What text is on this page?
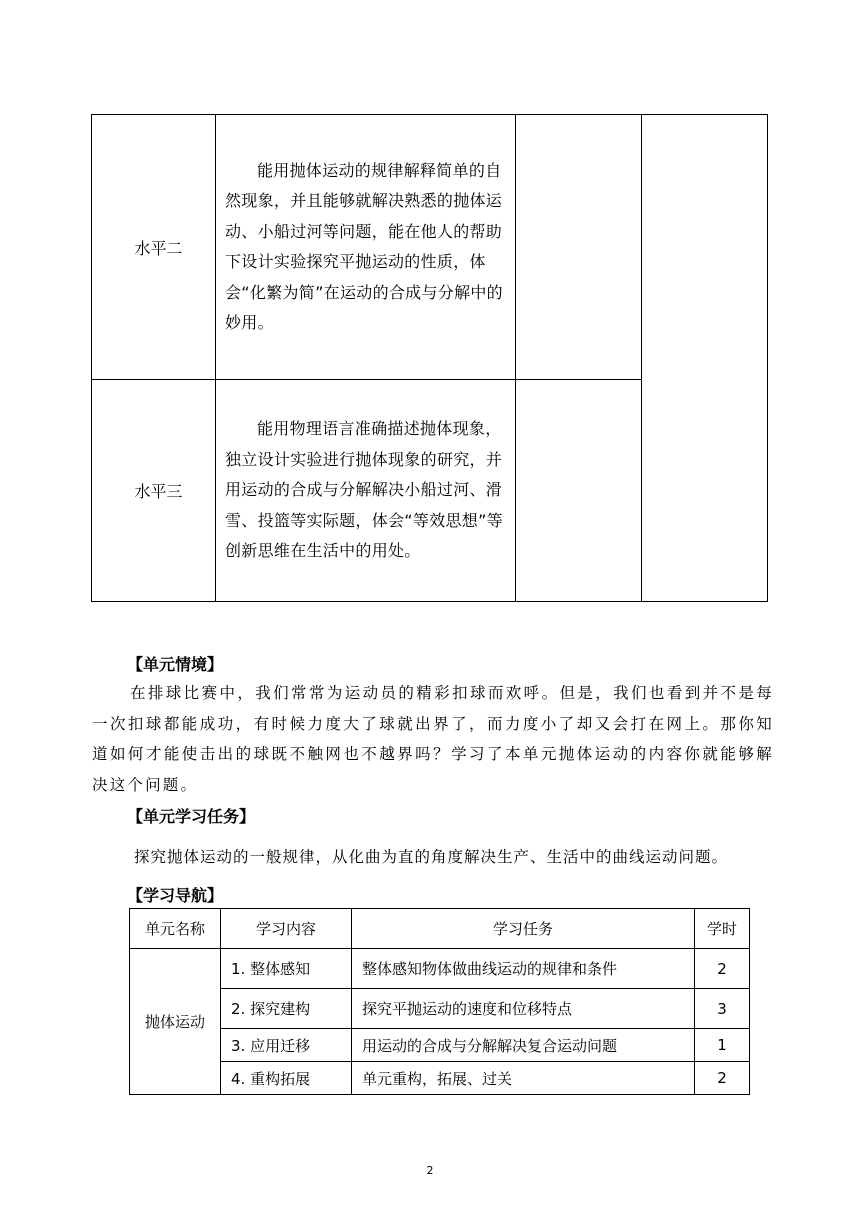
水平二	能用抛体运动的规律解释简单的自然现象，并且能够就解决熟悉的抛体运动、小船过河等问题，能在他人的帮助下设计实验探究平抛运动的性质，体会“化繁为简”在运动的合成与分解中的妙用。		

水平三	能用物理语言准确描述抛体现象，独立设计实验进行抛体现象的研究，并用运动的合成与分解解决小船过河、滑雪、投篮等实际题，体会“等效思想”等创新思维在生活中的用处。		

【单元情境】

在排球比赛中，我们常常为运动员的精彩扣球而欢呼。但是，我们也看到并不是每一次扣球都能成功，有时候力度大了球就出界了，而力度小了却又会打在网上。那你知道如何才能使击出的球既不触网也不越界吗？学习了本单元抛体运动的内容你就能够解决这个问题。

【单元学习任务】
探究抛体运动的一般规律，从化曲为直的角度解决生产、生活中的曲线运动问题。
【学习导航】
单元名称	学习内容	学习任务	学时
抛体运动	1. 整体感知	整体感知物体做曲线运动的规律和条件	2
	2. 探究建构	探究平抛运动的速度和位移特点	3
	3. 应用迁移	用运动的合成与分解解决复合运动问题	1
	4. 重构拓展	单元重构，拓展、过关	2
2
